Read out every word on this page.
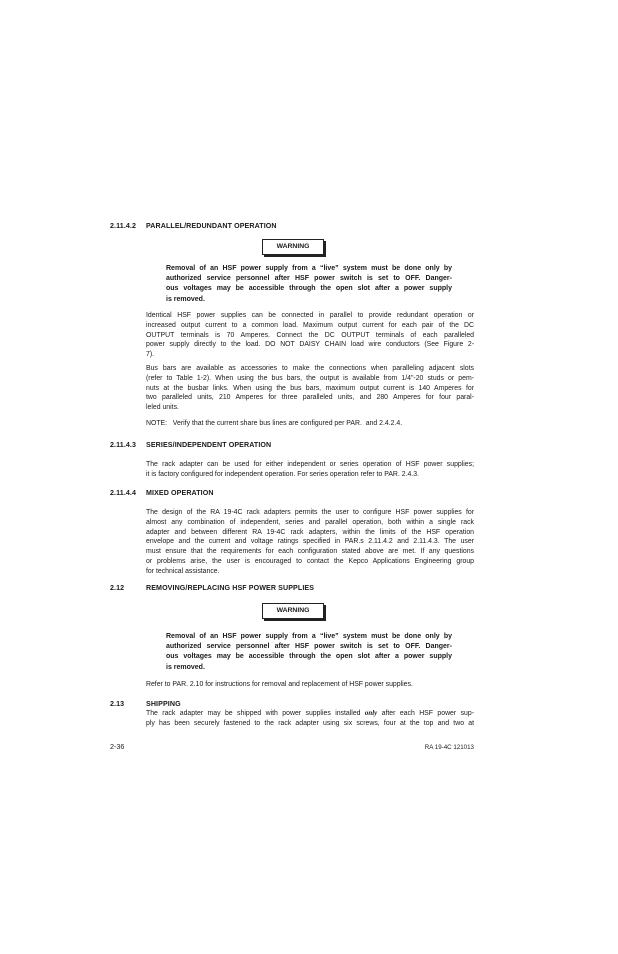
2.11.4.2 PARALLEL/REDUNDANT OPERATION
WARNING
Removal of an HSF power supply from a “live” system must be done only by
authorized service personnel after HSF power switch is set to OFF. Danger-
ous voltages may be accessible through the open slot after a power supply
is removed.
Identical HSF power supplies can be connected in parallel to provide redundant operation or
increased output current to a common load. Maximum output current for each pair of the DC
OUTPUT terminals is 70 Amperes. Connect the DC OUTPUT terminals of each paralleled
power supply directly to the load. DO NOT DAISY CHAIN load wire conductors (See Figure 2-
7).
Bus bars are available as accessories to make the connections when paralleling adjacent slots
(refer to Table 1-2). When using the bus bars, the output is available from 1/4"-20 studs or pem-
nuts at the busbar links. When using the bus bars, maximum output current is 140 Amperes for
two paralleled units, 210 Amperes for three paralleled units, and 280 Amperes for four paral-
leled units.
NOTE:   Verify that the current share bus lines are configured per PAR.  and 2.4.2.4.
2.11.4.3 SERIES/INDEPENDENT OPERATION
The rack adapter can be used for either independent or series operation of HSF power supplies;
it is factory configured for independent operation. For series operation refer to PAR. 2.4.3.
2.11.4.4 MIXED OPERATION
The design of the RA 19-4C rack adapters permits the user to configure HSF power supplies for
almost any combination of independent, series and parallel operation, both within a single rack
adapter and between different RA 19-4C rack adapters, within the limits of the HSF operation
envelope and the current and voltage ratings specified in PAR.s 2.11.4.2 and 2.11.4.3. The user
must ensure that the requirements for each configuration stated above are met. If any questions
or problems arise, the user is encouraged to contact the Kepco Applications Engineering group
for technical assistance.
2.12	REMOVING/REPLACING HSF POWER SUPPLIES
WARNING
Removal of an HSF power supply from a “live” system must be done only by
authorized service personnel after HSF power switch is set to OFF. Danger-
ous voltages may be accessible through the open slot after a power supply
is removed.
Refer to PAR. 2.10 for instructions for removal and replacement of HSF power supplies.
2.13	SHIPPING
The rack adapter may be shipped with power supplies installed only after each HSF power sup-
ply has been securely fastened to the rack adapter using six screws, four at the top and two at
2-36	RA 19-4C 121013
